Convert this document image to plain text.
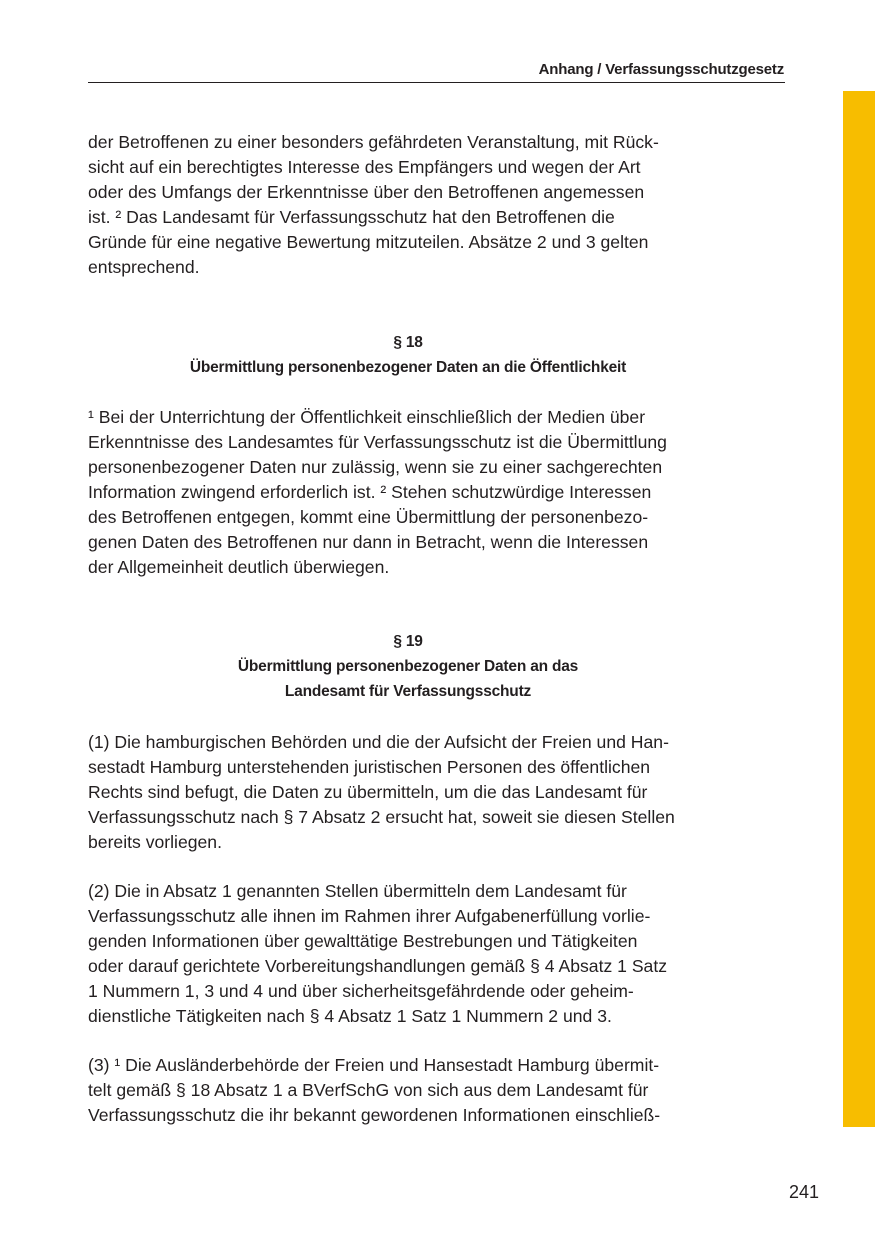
Anhang / Verfassungsschutzgesetz
der Betroffenen zu einer besonders gefährdeten Veranstaltung, mit Rück-
sicht auf ein berechtigtes Interesse des Empfängers und wegen der Art
oder des Umfangs der Erkenntnisse über den Betroffenen angemessen
ist. ² Das Landesamt für Verfassungsschutz hat den Betroffenen die
Gründe für eine negative Bewertung mitzuteilen. Absätze 2 und 3 gelten
entsprechend.
§ 18
Übermittlung personenbezogener Daten an die Öffentlichkeit
¹ Bei der Unterrichtung der Öffentlichkeit einschließlich der Medien über
Erkenntnisse des Landesamtes für Verfassungsschutz ist die Übermittlung
personenbezogener Daten nur zulässig, wenn sie zu einer sachgerechten
Information zwingend erforderlich ist. ² Stehen schutzwürdige Interessen
des Betroffenen entgegen, kommt eine Übermittlung der personenbezo-
genen Daten des Betroffenen nur dann in Betracht, wenn die Interessen
der Allgemeinheit deutlich überwiegen.
§ 19
Übermittlung personenbezogener Daten an das
Landesamt für Verfassungsschutz
(1) Die hamburgischen Behörden und die der Aufsicht der Freien und Han-
sestadt Hamburg unterstehenden juristischen Personen des öffentlichen
Rechts sind befugt, die Daten zu übermitteln, um die das Landesamt für
Verfassungsschutz nach § 7 Absatz 2 ersucht hat, soweit sie diesen Stellen
bereits vorliegen.
(2) Die in Absatz 1 genannten Stellen übermitteln dem Landesamt für
Verfassungsschutz alle ihnen im Rahmen ihrer Aufgabenerfüllung vorlie-
genden Informationen über gewalttätige Bestrebungen und Tätigkeiten
oder darauf gerichtete Vorbereitungshandlungen gemäß § 4 Absatz 1 Satz
1 Nummern 1, 3 und 4 und über sicherheitsgefährdende oder geheim-
dienstliche Tätigkeiten nach § 4 Absatz 1 Satz 1 Nummern 2 und 3.
(3) ¹ Die Ausländerbehörde der Freien und Hansestadt Hamburg übermit-
telt gemäß § 18 Absatz 1 a BVerfSchG von sich aus dem Landesamt für
Verfassungsschutz die ihr bekannt gewordenen Informationen einschließ-
241
